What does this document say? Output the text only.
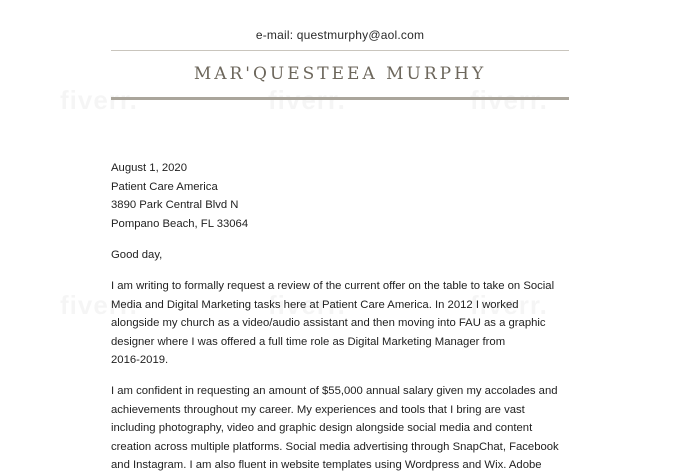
e-mail: questmurphy@aol.com
MAR'QUESTEEA MURPHY
August 1, 2020
Patient Care America
3890 Park Central Blvd N
Pompano Beach, FL 33064
Good day,
I am writing to formally request a review of the current offer on the table to take on Social
Media and Digital Marketing tasks here at Patient Care America. In 2012 I worked
alongside my church as a video/audio assistant and then moving into FAU as a graphic
designer where I was offered a full time role as Digital Marketing Manager from
2016-2019.
I am confident in requesting an amount of $55,000 annual salary given my accolades and
achievements throughout my career. My experiences and tools that I bring are vast
including photography, video and graphic design alongside social media and content
creation across multiple platforms. Social media advertising through SnapChat, Facebook
and Instagram. I am also fluent in website templates using Wordpress and Wix. Adobe
